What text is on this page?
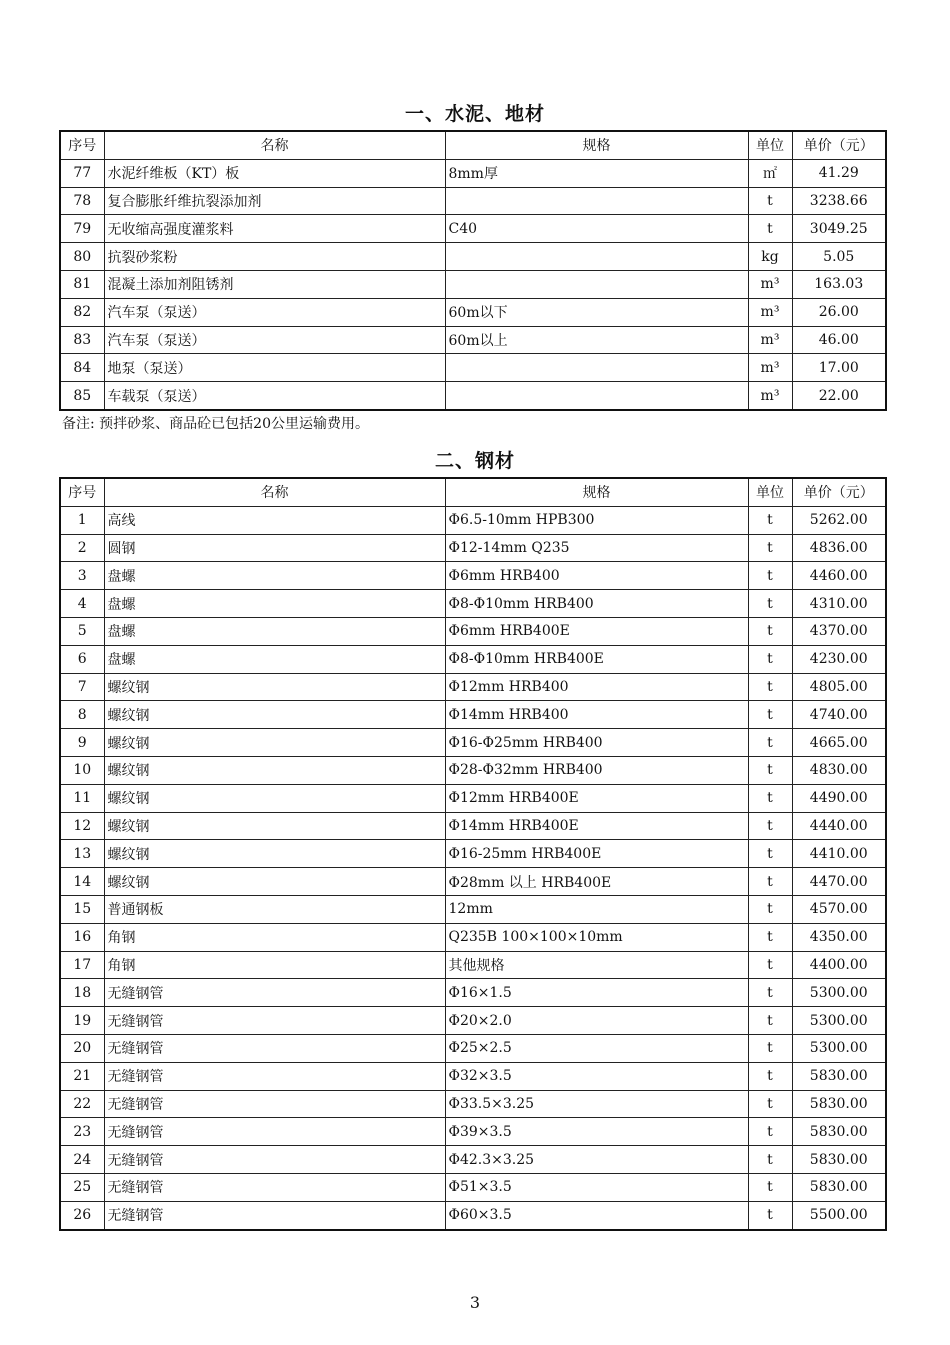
一、水泥、地材
序号	名称	规格	单位	单价（元）
77	水泥纤维板（KT）板	8mm厚	㎡	41.29
78	复合膨胀纤维抗裂添加剂		t	3238.66
79	无收缩高强度灌浆料	C40	t	3049.25
80	抗裂砂浆粉		kg	5.05
81	混凝土添加剂阻锈剂		m³	163.03
82	汽车泵（泵送）	60m以下	m³	26.00
83	汽车泵（泵送）	60m以上	m³	46.00
84	地泵（泵送）		m³	17.00
85	车载泵（泵送）		m³	22.00
备注: 预拌砂浆、商品砼已包括20公里运输费用。
二、钢材
序号	名称	规格	单位	单价（元）
1	高线	Φ6.5-10mm HPB300	t	5262.00
2	圆钢	Φ12-14mm Q235	t	4836.00
3	盘螺	Φ6mm HRB400	t	4460.00
4	盘螺	Φ8-Φ10mm HRB400	t	4310.00
5	盘螺	Φ6mm HRB400E	t	4370.00
6	盘螺	Φ8-Φ10mm HRB400E	t	4230.00
7	螺纹钢	Φ12mm HRB400	t	4805.00
8	螺纹钢	Φ14mm HRB400	t	4740.00
9	螺纹钢	Φ16-Φ25mm HRB400	t	4665.00
10	螺纹钢	Φ28-Φ32mm HRB400	t	4830.00
11	螺纹钢	Φ12mm HRB400E	t	4490.00
12	螺纹钢	Φ14mm HRB400E	t	4440.00
13	螺纹钢	Φ16-25mm HRB400E	t	4410.00
14	螺纹钢	Φ28mm 以上 HRB400E	t	4470.00
15	普通钢板	12mm	t	4570.00
16	角钢	Q235B 100×100×10mm	t	4350.00
17	角钢	其他规格	t	4400.00
18	无缝钢管	Φ16×1.5	t	5300.00
19	无缝钢管	Φ20×2.0	t	5300.00
20	无缝钢管	Φ25×2.5	t	5300.00
21	无缝钢管	Φ32×3.5	t	5830.00
22	无缝钢管	Φ33.5×3.25	t	5830.00
23	无缝钢管	Φ39×3.5	t	5830.00
24	无缝钢管	Φ42.3×3.25	t	5830.00
25	无缝钢管	Φ51×3.5	t	5830.00
26	无缝钢管	Φ60×3.5	t	5500.00
3
